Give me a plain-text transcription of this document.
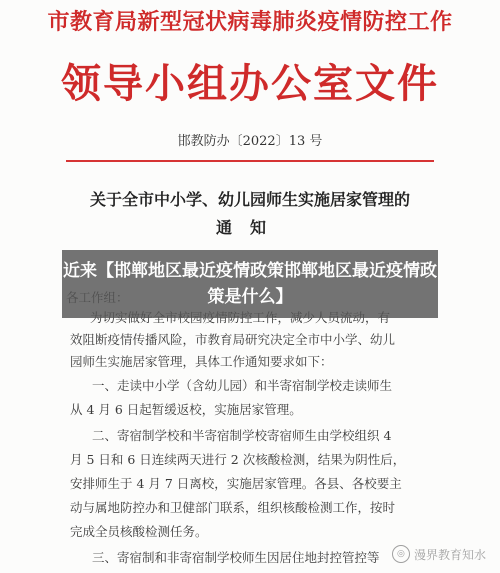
市教育局新型冠状病毒肺炎疫情防控工作
领导小组办公室文件
邯教防办〔2022〕13 号
关于全市中小学、幼儿园师生实施居家管理的
通知
效阻断疫情传播风险，市教育局研究决定全市中小学、幼儿
园师生实施居家管理，具体工作通知要求如下：
一、走读中小学（含幼儿园）和半寄宿制学校走读师生
从 4 月 6 日起暂缓返校，实施居家管理。
二、寄宿制学校和半寄宿制学校寄宿师生由学校组织 4
月 5 日和 6 日连续两天进行 2 次核酸检测，结果为阴性后，
安排师生于 4 月 7 日离校，实施居家管理。各县、各校要主
动与属地防控办和卫健部门联系，组织核酸检测工作，按时
完成全员核酸检测任务。
三、寄宿制和非寄宿制学校师生因居住地封控管控等
近来【邯郸地区最近疫情政策邯郸地区最近疫情政策是什么】
◎ 漫界教育知水
